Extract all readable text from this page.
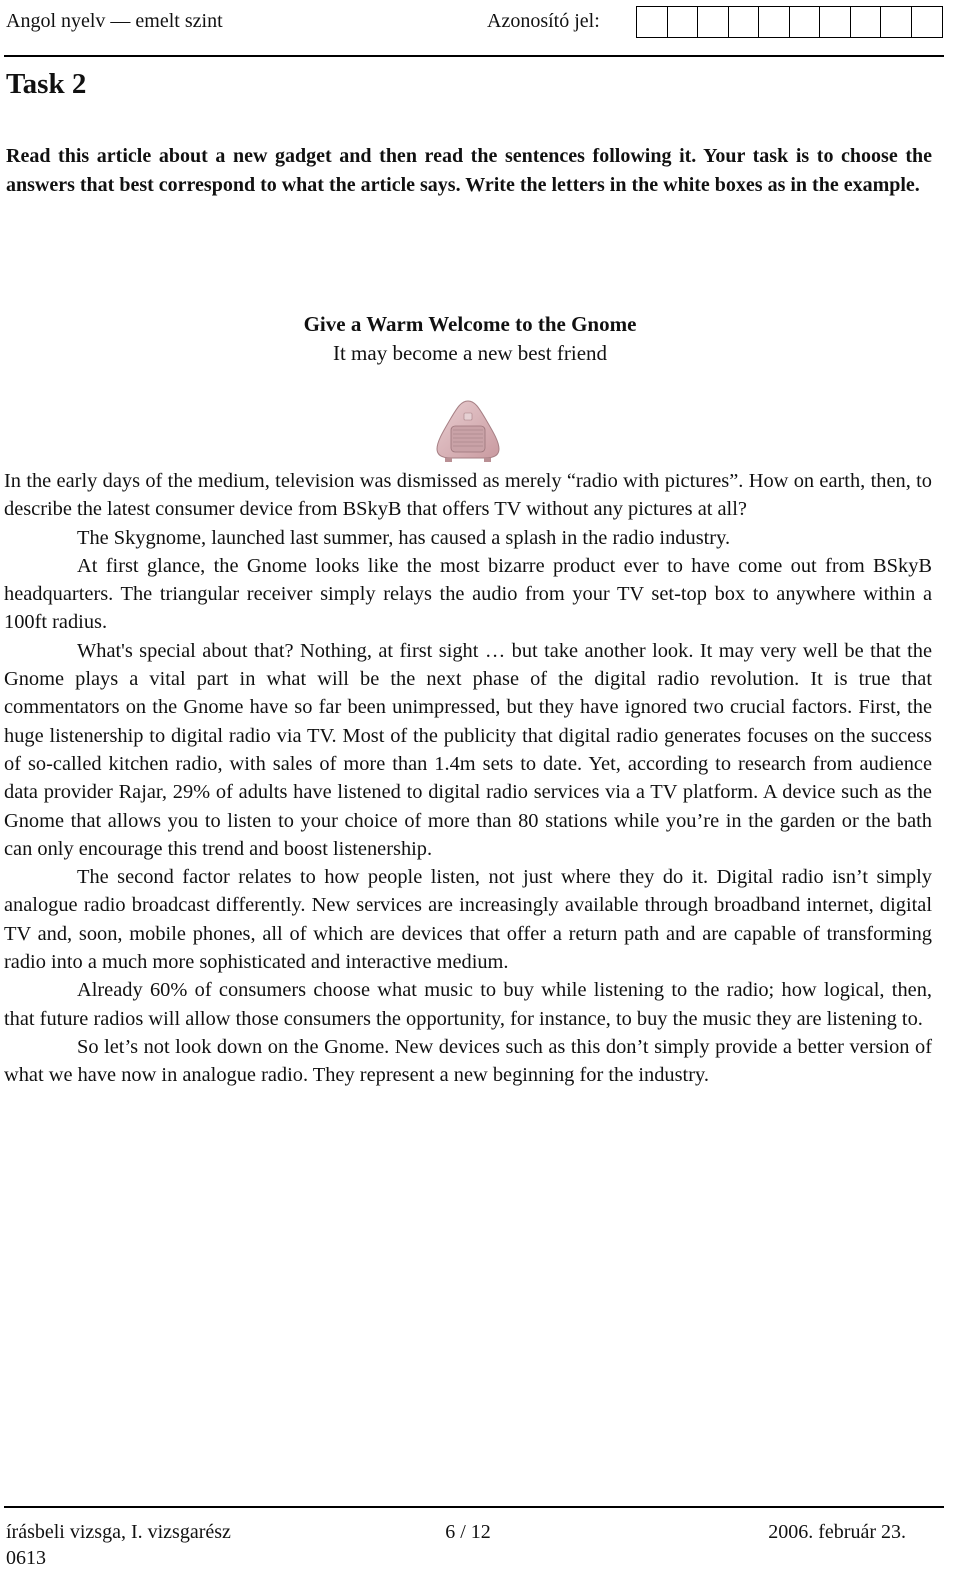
Angol nyelv — emelt szint	Azonosító jel:
Task 2
Read this article about a new gadget and then read the sentences following it. Your task is to choose the answers that best correspond to what the article says. Write the letters in the white boxes as in the example.
Give a Warm Welcome to the Gnome
It may become a new best friend

In the early days of the medium, television was dismissed as merely “radio with pictures”. How on earth, then, to describe the latest consumer device from BSkyB that offers TV without any pictures at all?

The Skygnome, launched last summer, has caused a splash in the radio industry.

At first glance, the Gnome looks like the most bizarre product ever to have come out from BSkyB headquarters. The triangular receiver simply relays the audio from your TV set-top box to anywhere within a 100ft radius.

What's special about that? Nothing, at first sight … but take another look. It may very well be that the Gnome plays a vital part in what will be the next phase of the digital radio revolution. It is true that commentators on the Gnome have so far been unimpressed, but they have ignored two crucial factors. First, the huge listenership to digital radio via TV. Most of the publicity that digital radio generates focuses on the success of so-called kitchen radio, with sales of more than 1.4m sets to date. Yet, according to research from audience data provider Rajar, 29% of adults have listened to digital radio services via a TV platform. A device such as the Gnome that allows you to listen to your choice of more than 80 stations while you’re in the garden or the bath can only encourage this trend and boost listenership.

The second factor relates to how people listen, not just where they do it. Digital radio isn’t simply analogue radio broadcast differently. New services are increasingly available through broadband internet, digital TV and, soon, mobile phones, all of which are devices that offer a return path and are capable of transforming radio into a much more sophisticated and interactive medium.

Already 60% of consumers choose what music to buy while listening to the radio; how logical, then, that future radios will allow those consumers the opportunity, for instance, to buy the music they are listening to.

So let’s not look down on the Gnome. New devices such as this don’t simply provide a better version of what we have now in analogue radio. They represent a new beginning for the industry.

írásbeli vizsga, I. vizsgarész	6 / 12	2006. február 23.
0613
